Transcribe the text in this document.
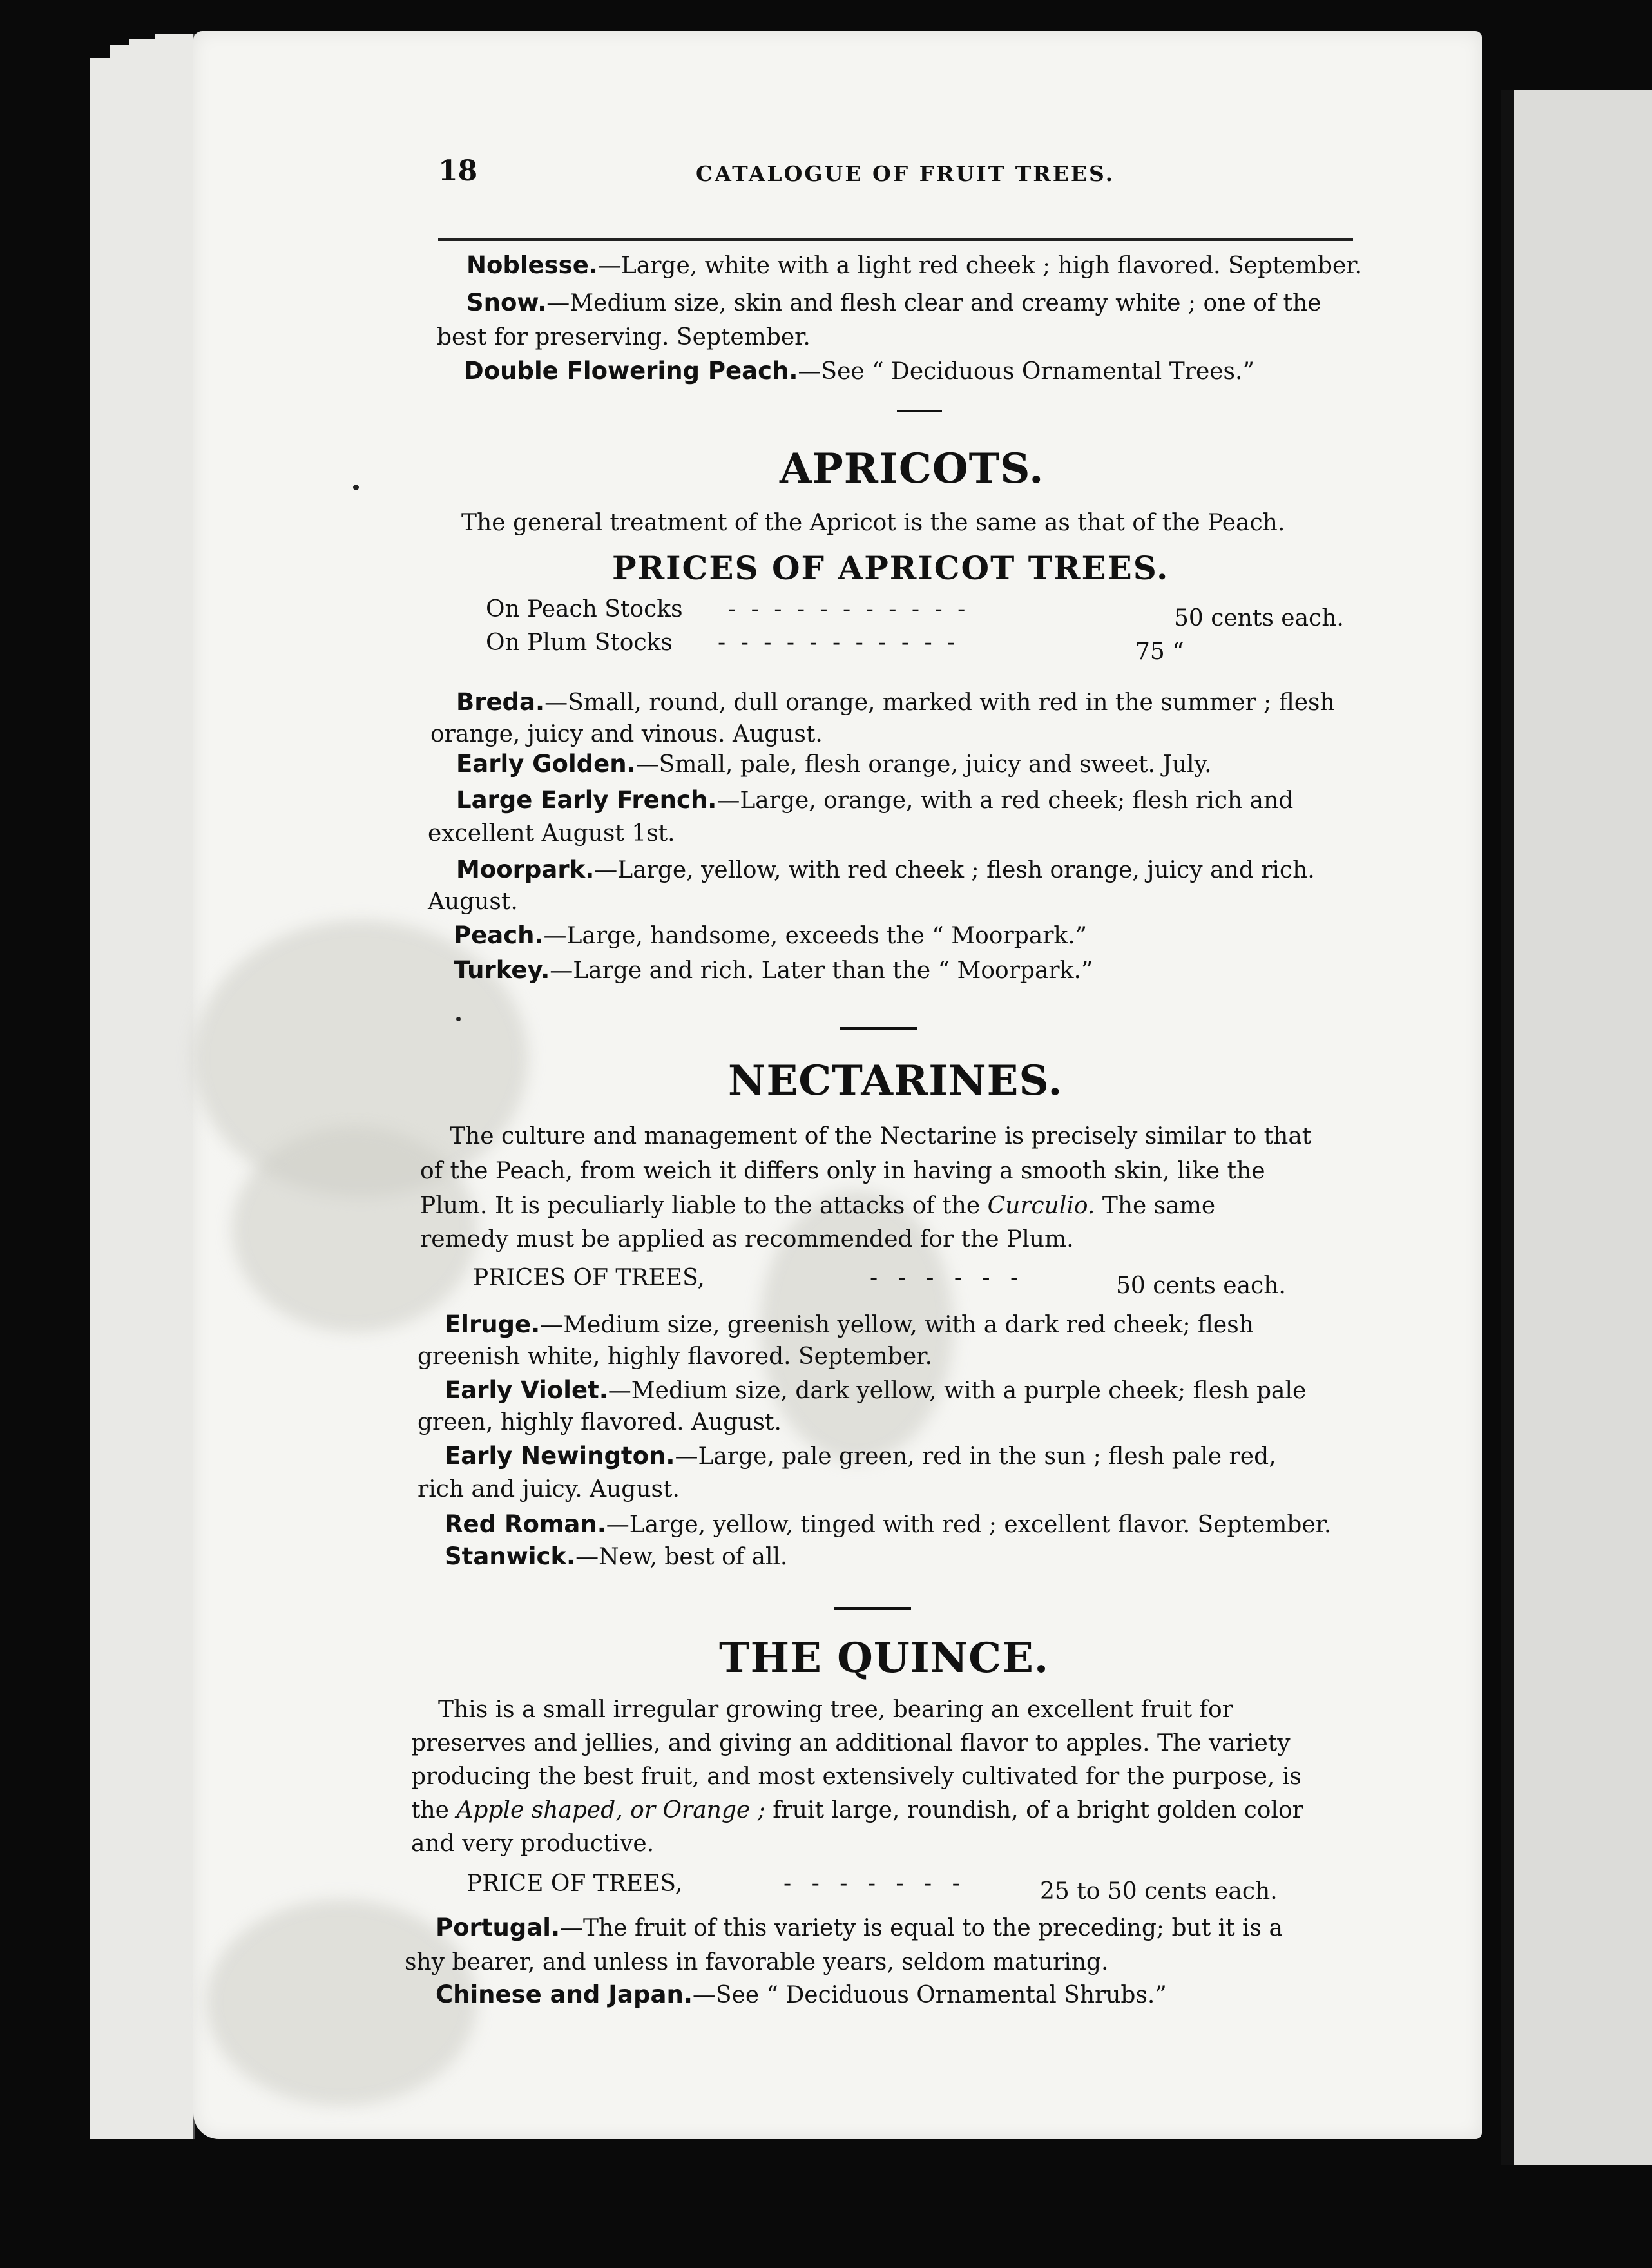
18	CATALOGUE OF FRUIT TREES.
Noblesse.—Large, white with a light red cheek ; high flavored. September.
Snow.—Medium size, skin and flesh clear and creamy white ; one of the
best for preserving. September.
Double Flowering Peach.—See “ Deciduous Ornamental Trees.”
APRICOTS.
The general treatment of the Apricot is the same as that of the Peach.
PRICES OF APRICOT TREES.
On Peach Stocks - - - - - - - - - - -	50 cents each.
On Plum Stocks - - - - - - - - - - -	75 “
Breda.—Small, round, dull orange, marked with red in the summer ; flesh
orange, juicy and vinous. August.
Early Golden.—Small, pale, flesh orange, juicy and sweet. July.
Large Early French.—Large, orange, with a red cheek; flesh rich and
excellent August 1st.
Moorpark.—Large, yellow, with red cheek ; flesh orange, juicy and rich.
August.
Peach.—Large, handsome, exceeds the “ Moorpark.”
Turkey.—Large and rich. Later than the “ Moorpark.”
NECTARINES.
The culture and management of the Nectarine is precisely similar to that
of the Peach, from weich it differs only in having a smooth skin, like the
Plum. It is peculiarly liable to the attacks of the Curculio. The same
remedy must be applied as recommended for the Plum.
PRICES OF TREES,	- - - - - -	50 cents each.
Elruge.—Medium size, greenish yellow, with a dark red cheek; flesh
greenish white, highly flavored. September.
Early Violet.—Medium size, dark yellow, with a purple cheek; flesh pale
green, highly flavored. August.
Early Newington.—Large, pale green, red in the sun ; flesh pale red,
rich and juicy. August.
Red Roman.—Large, yellow, tinged with red ; excellent flavor. September.
Stanwick.—New, best of all.
THE QUINCE.
This is a small irregular growing tree, bearing an excellent fruit for
preserves and jellies, and giving an additional flavor to apples. The variety
producing the best fruit, and most extensively cultivated for the purpose, is
the Apple shaped, or Orange ; fruit large, roundish, of a bright golden color
and very productive.
PRICE OF TREES,	- - - - - - -	25 to 50 cents each.
Portugal.—The fruit of this variety is equal to the preceding; but it is a
shy bearer, and unless in favorable years, seldom maturing.
Chinese and Japan.—See “ Deciduous Ornamental Shrubs.”
